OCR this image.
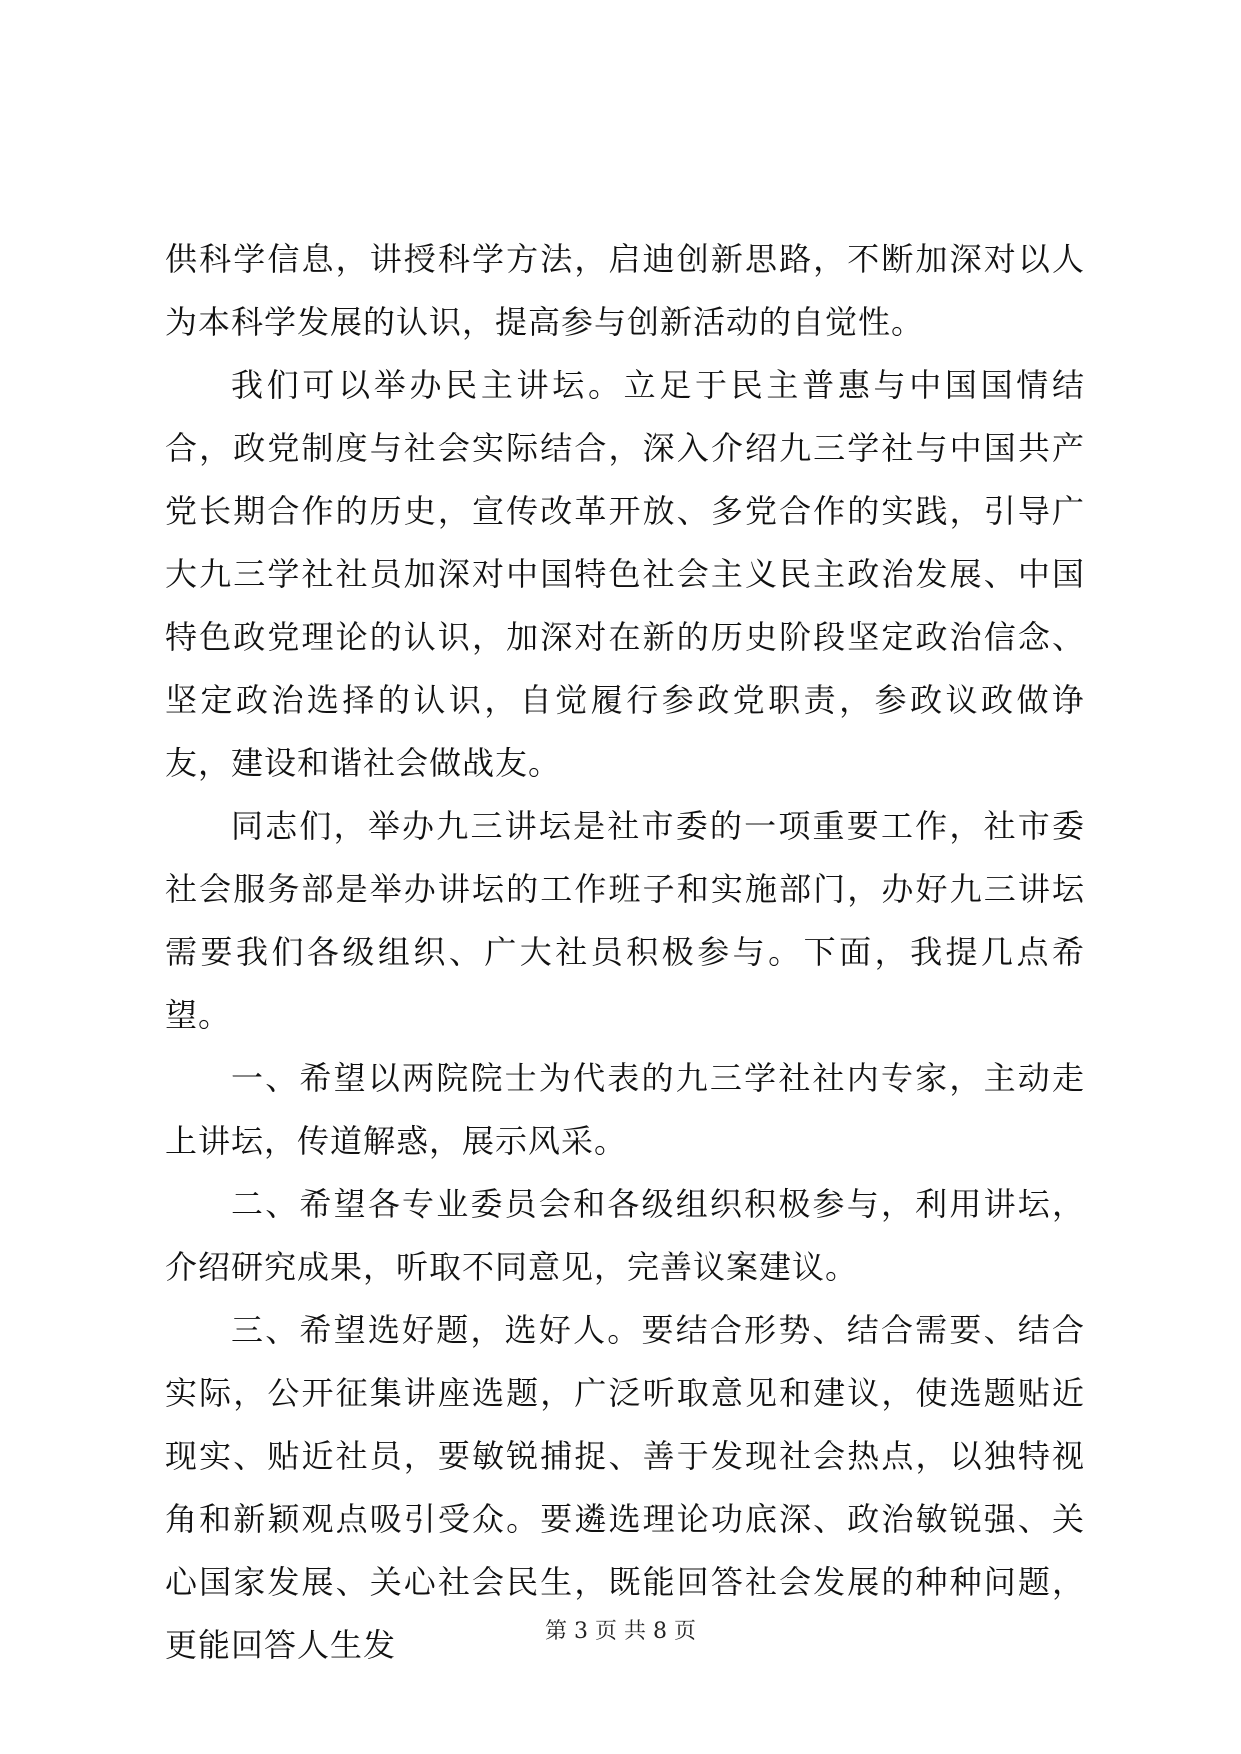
供科学信息，讲授科学方法，启迪创新思路，不断加深对以人为本科学发展的认识，提高参与创新活动的自觉性。

我们可以举办民主讲坛。立足于民主普惠与中国国情结合，政党制度与社会实际结合，深入介绍九三学社与中国共产党长期合作的历史，宣传改革开放、多党合作的实践，引导广大九三学社社员加深对中国特色社会主义民主政治发展、中国特色政党理论的认识，加深对在新的历史阶段坚定政治信念、坚定政治选择的认识，自觉履行参政党职责，参政议政做诤友，建设和谐社会做战友。

同志们，举办九三讲坛是社市委的一项重要工作，社市委社会服务部是举办讲坛的工作班子和实施部门，办好九三讲坛需要我们各级组织、广大社员积极参与。下面，我提几点希望。

一、希望以两院院士为代表的九三学社社内专家，主动走上讲坛，传道解惑，展示风采。

二、希望各专业委员会和各级组织积极参与，利用讲坛，介绍研究成果，听取不同意见，完善议案建议。

三、希望选好题，选好人。要结合形势、结合需要、结合实际，公开征集讲座选题，广泛听取意见和建议，使选题贴近现实、贴近社员，要敏锐捕捉、善于发现社会热点，以独特视角和新颖观点吸引受众。要遴选理论功底深、政治敏锐强、关心国家发展、关心社会民生，既能回答社会发展的种种问题，更能回答人生发	第 3 页 共 8 页
